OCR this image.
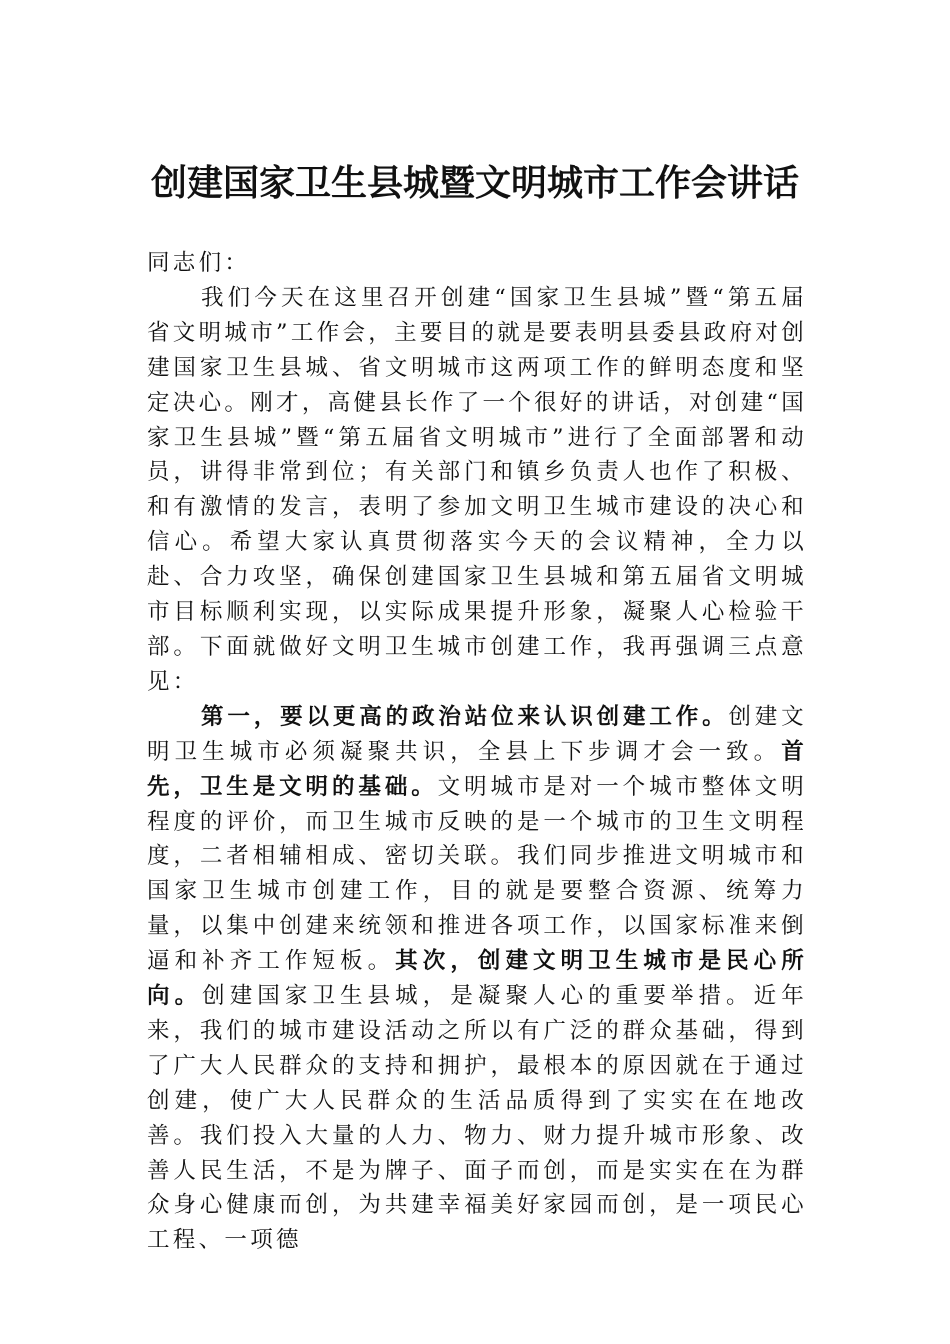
创建国家卫生县城暨文明城市工作会讲话

同志们：

我们今天在这里召开创建“国家卫生县城”暨“第五届省文明城市”工作会，主要目的就是要表明县委县政府对创建国家卫生县城、省文明城市这两项工作的鲜明态度和坚定决心。刚才，高健县长作了一个很好的讲话，对创建“国家卫生县城”暨“第五届省文明城市”进行了全面部署和动员，讲得非常到位；有关部门和镇乡负责人也作了积极、和有激情的发言，表明了参加文明卫生城市建设的决心和信心。希望大家认真贯彻落实今天的会议精神，全力以赴、合力攻坚，确保创建国家卫生县城和第五届省文明城市目标顺利实现，以实际成果提升形象，凝聚人心检验干部。下面就做好文明卫生城市创建工作，我再强调三点意见：

第一，要以更高的政治站位来认识创建工作。创建文明卫生城市必须凝聚共识，全县上下步调才会一致。首先，卫生是文明的基础。文明城市是对一个城市整体文明程度的评价，而卫生城市反映的是一个城市的卫生文明程度，二者相辅相成、密切关联。我们同步推进文明城市和国家卫生城市创建工作，目的就是要整合资源、统筹力量，以集中创建来统领和推进各项工作，以国家标准来倒逼和补齐工作短板。其次，创建文明卫生城市是民心所向。创建国家卫生县城，是凝聚人心的重要举措。近年来，我们的城市建设活动之所以有广泛的群众基础，得到了广大人民群众的支持和拥护，最根本的原因就在于通过创建，使广大人民群众的生活品质得到了实实在在地改善。我们投入大量的人力、物力、财力提升城市形象、改善人民生活，不是为牌子、面子而创，而是实实在在为群众身心健康而创，为共建幸福美好家园而创，是一项民心工程、一项德
